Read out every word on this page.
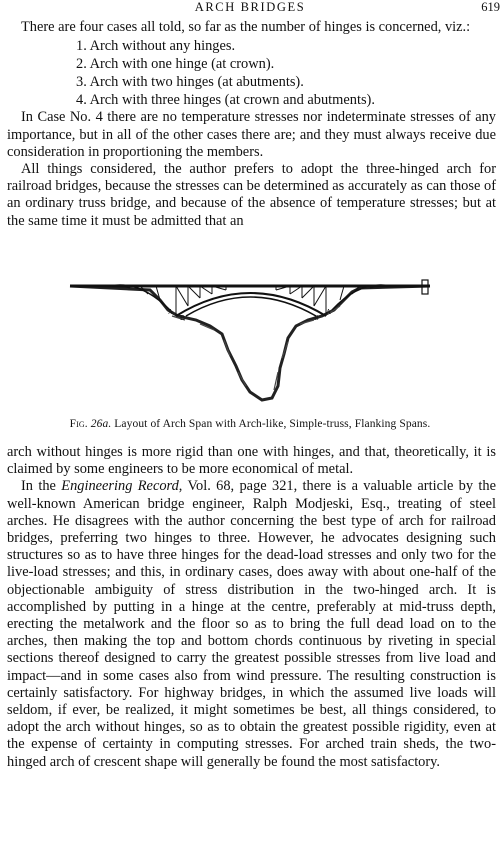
ARCH BRIDGES	619

There are four cases all told, so far as the number of hinges is concerned, viz.:

1. Arch without any hinges.
2. Arch with one hinge (at crown).
3. Arch with two hinges (at abutments).
4. Arch with three hinges (at crown and abutments).

In Case No. 4 there are no temperature stresses nor indeterminate stresses of any importance, but in all of the other cases there are; and they must always receive due consideration in proportioning the members.

All things considered, the author prefers to adopt the three-hinged arch for railroad bridges, because the stresses can be determined as accurately as can those of an ordinary truss bridge, and because of the absence of temperature stresses; but at the same time it must be admitted that an

A
B	B
A
Fig. 26a. Layout of Arch Span with Arch-like, Simple-truss, Flanking Spans.

arch without hinges is more rigid than one with hinges, and that, theoretically, it is claimed by some engineers to be more economical of metal.

In the Engineering Record, Vol. 68, page 321, there is a valuable article by the well-known American bridge engineer, Ralph Modjeski, Esq., treating of steel arches. He disagrees with the author concerning the best type of arch for railroad bridges, preferring two hinges to three. However, he advocates designing such structures so as to have three hinges for the dead-load stresses and only two for the live-load stresses; and this, in ordinary cases, does away with about one-half of the objectionable ambiguity of stress distribution in the two-hinged arch. It is accomplished by putting in a hinge at the centre, preferably at mid-truss depth, erecting the metalwork and the floor so as to bring the full dead load on to the arches, then making the top and bottom chords continuous by riveting in special sections thereof designed to carry the greatest possible stresses from live load and impact—and in some cases also from wind pressure. The resulting construction is certainly satisfactory. For highway bridges, in which the assumed live loads will seldom, if ever, be realized, it might sometimes be best, all things considered, to adopt the arch without hinges, so as to obtain the greatest possible rigidity, even at the expense of certainty in computing stresses. For arched train sheds, the two-hinged arch of crescent shape will generally be found the most satisfactory.
